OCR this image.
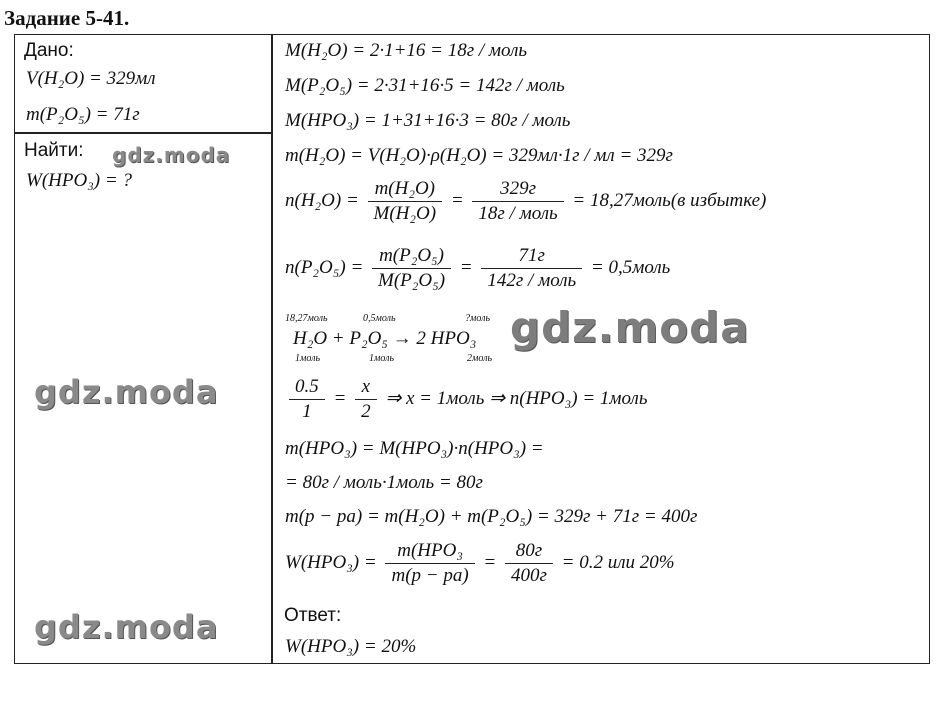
Задание 5-41.
Дано:
V(H₂O) = 329мл
m(P₂O₅) = 71г
Найти:
W(HPO₃) = ?
M(H₂O) = 2·1+16 = 18г / моль
M(P₂O₅) = 2·31+16·5 = 142г / моль
M(HPO₃) = 1+31+16·3 = 80г / моль
m(H₂O) = V(H₂O)·ρ(H₂O) = 329мл·1г / мл = 329г
$n(H_2O) = \frac{\text{m(H₂O)}}{\text{M(H₂O)}} = \frac{329г}{\text{18г / моль}}$ = 18,27моль(в избытке)
$n(P_2O_5) = \frac{\text{m(P₂O₅)}}{\text{M(P₂O₅)}} = \frac{71г}{\text{142г / моль}}$ = 0,5моль
18,27моль	0,5моль	?моль
H₂O + P₂O₅ → 2 HPO₃
1моль	1моль	2моль
$\frac{0.5}{1} = \frac{x}{2}$ ⇒ x = 1моль ⇒ n(HPO₃) = 1моль
m(HPO₃) = M(HPO₃)·n(HPO₃) =
= 80г / моль·1моль = 80г
m(р − ра) = m(H₂O) + m(P₂O₅) = 329г + 71г = 400г
$W(HPO_3) = \frac{\text{m(HPO₃}}{m(р - ра)} = \frac{80г}{400г} = 0.2$ или 20%
Ответ:
W(HPO₃) = 20%
gdz.moda
gdz.moda
gdz.moda
gdz.moda
